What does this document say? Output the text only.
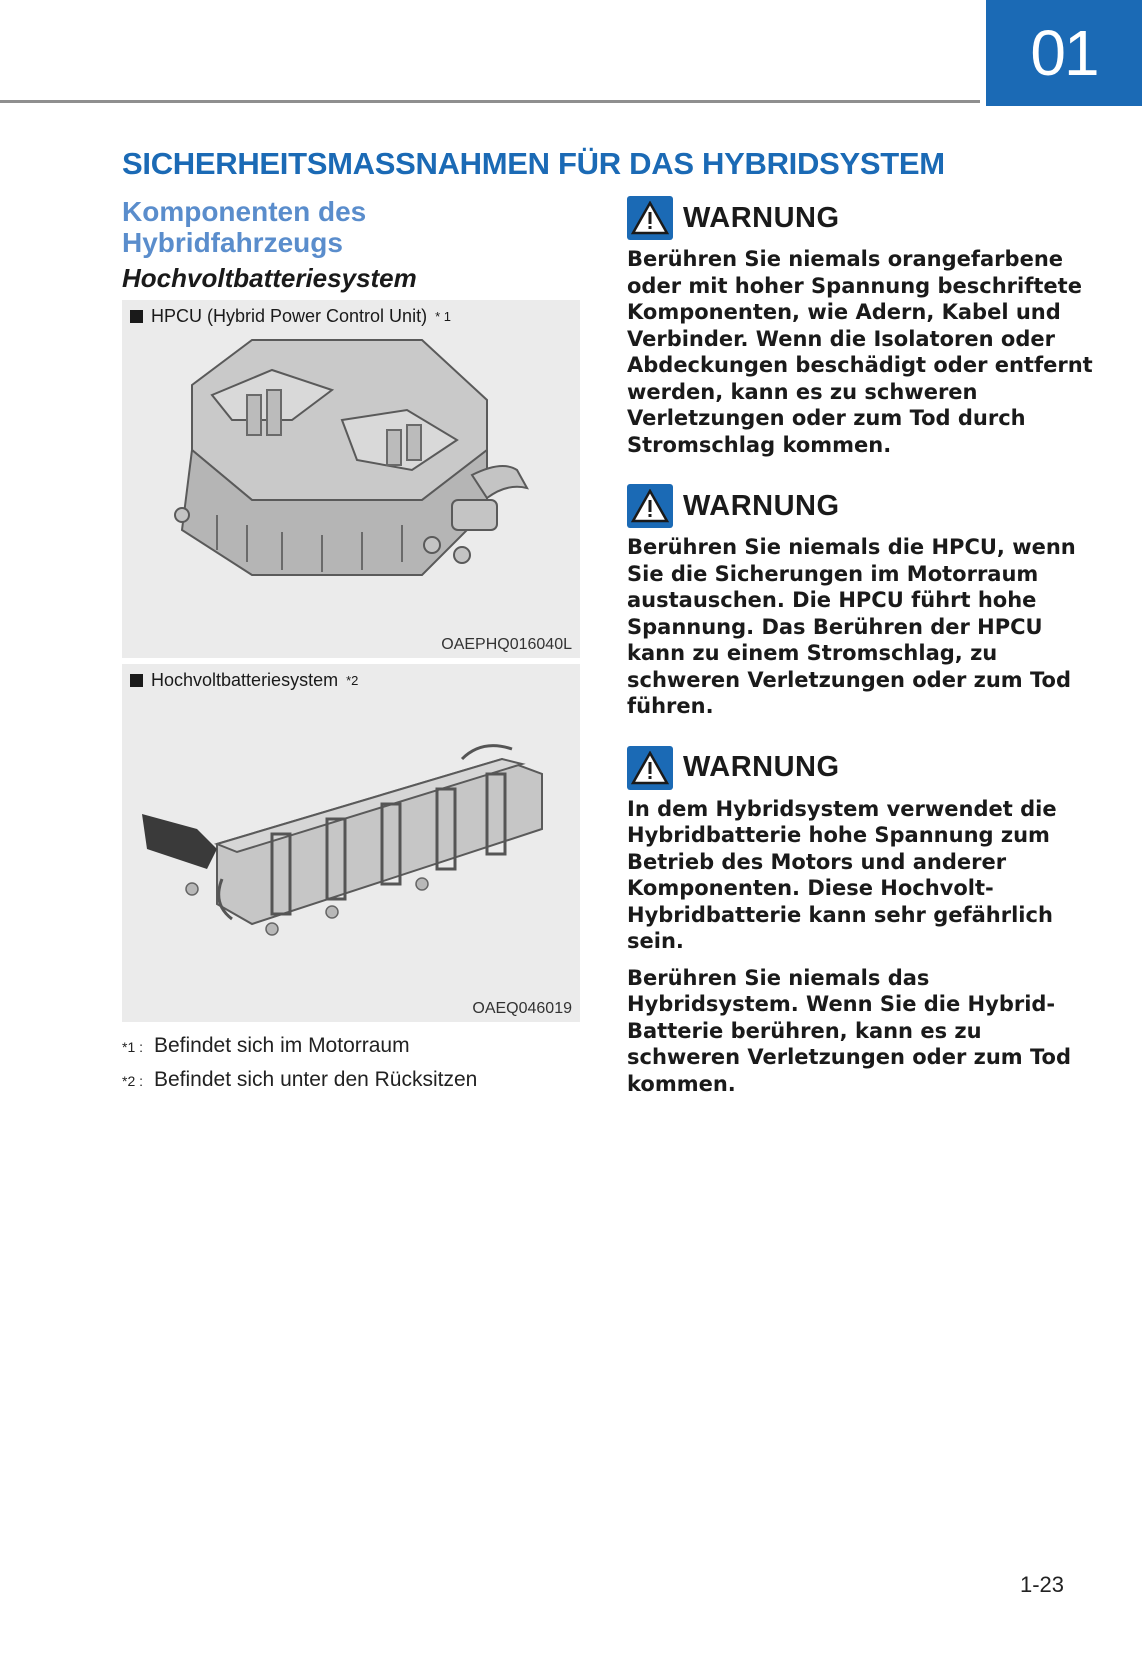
01
SICHERHEITSMASSNAHMEN FÜR DAS HYBRIDSYSTEM

Komponenten des
Hybridfahrzeugs

Hochvoltbatteriesystem

HPCU (Hybrid Power Control Unit) * 1
OAEPHQ016040L
Hochvoltbatteriesystem *2
OAEQ046019
*1 : Befindet sich im Motorraum
*2 : Befindet sich unter den Rücksitzen
WARNUNG

Berühren Sie niemals orangefarbene oder mit hoher Spannung beschriftete Komponenten, wie Adern, Kabel und Verbinder. Wenn die Isolatoren oder Abdeckungen beschädigt oder entfernt werden, kann es zu schweren Verletzungen oder zum Tod durch Stromschlag kommen.

WARNUNG

Berühren Sie niemals die HPCU, wenn Sie die Sicherungen im Motorraum austauschen. Die HPCU führt hohe Spannung. Das Berühren der HPCU kann zu einem Stromschlag, zu schweren Verletzungen oder zum Tod führen.

WARNUNG

In dem Hybridsystem verwendet die Hybridbatterie hohe Spannung zum Betrieb des Motors und anderer Komponenten. Diese Hochvolt-Hybridbatterie kann sehr gefährlich sein.

Berühren Sie niemals das Hybridsystem. Wenn Sie die Hybrid-Batterie berühren, kann es zu schweren Verletzungen oder zum Tod kommen.

1-23
